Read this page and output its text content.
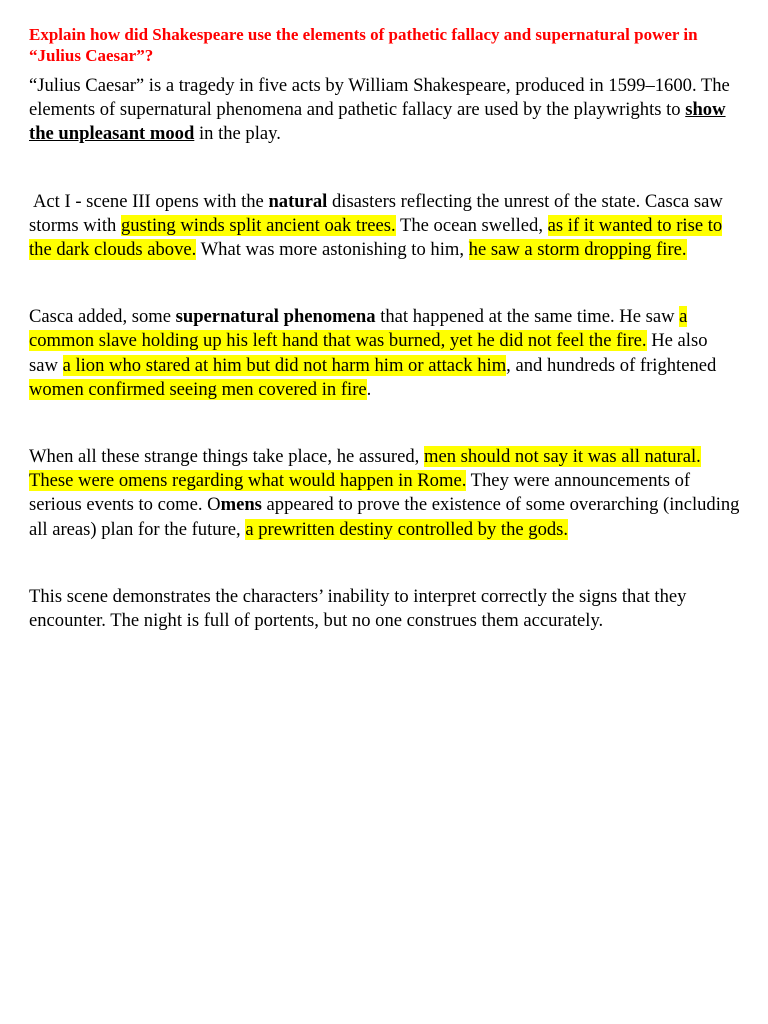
Explain how did Shakespeare use the elements of pathetic fallacy and supernatural power in “Julius Caesar”?

“Julius Caesar” is a tragedy in five acts by William Shakespeare, produced in 1599–1600. The elements of supernatural phenomena and pathetic fallacy are used by the playwrights to show the unpleasant mood in the play.

Act I - scene III opens with the natural disasters reflecting the unrest of the state. Casca saw storms with gusting winds split ancient oak trees. The ocean swelled, as if it wanted to rise to the dark clouds above. What was more astonishing to him, he saw a storm dropping fire.

Casca added, some supernatural phenomena that happened at the same time. He saw a common slave holding up his left hand that was burned, yet he did not feel the fire. He also saw a lion who stared at him but did not harm him or attack him, and hundreds of frightened women confirmed seeing men covered in fire.

When all these strange things take place, he assured, men should not say it was all natural. These were omens regarding what would happen in Rome. They were announcements of serious events to come. Omens appeared to prove the existence of some overarching (including all areas) plan for the future, a prewritten destiny controlled by the gods.

This scene demonstrates the characters’ inability to interpret correctly the signs that they encounter. The night is full of portents, but no one construes them accurately.
